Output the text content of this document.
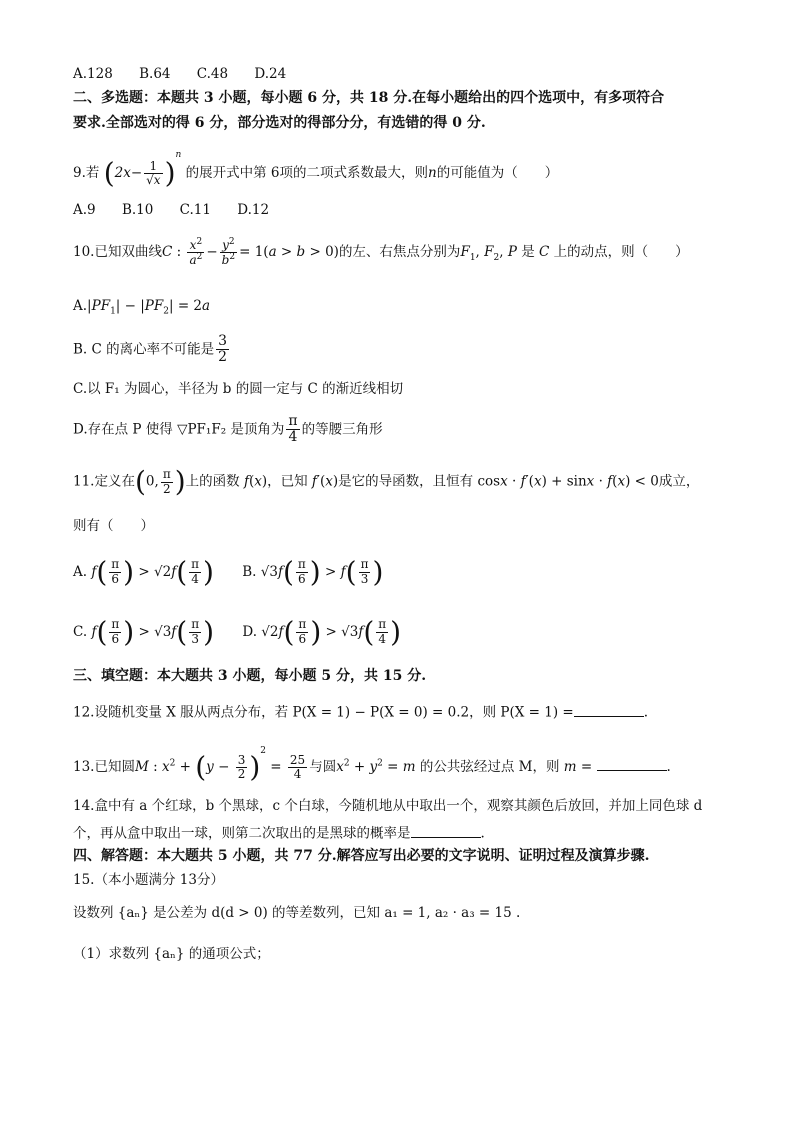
A.128 B.64 C.48 D.24
二、多选题：本题共 3 小题，每小题 6 分，共 18 分.在每小题给出的四个选项中，有多项符合
要求.全部选对的得 6 分，部分选对的得部分分，有选错的得 0 分.
9.若 $(2x- \frac{1}{√x} )^n$ 的展开式中第 6项的二项式系数最大，则n的可能值为（　　）
A.9 B.10 C.11 D.12
10.已知双曲线C : $\frac{x^2}{a^2} - \frac{y^2}{b^2} = 1(a > b > 0)$的左、右焦点分别为$F_1$, $F_2$, P 是 C 上的动点，则（　　）
$A.|PF_1| - |PF_2| = 2a$
B. C 的离心率不可能是 $\frac{3}{2}$
C.以 F₁ 为圆心，半径为 b 的圆一定与 C 的渐近线相切
D.存在点 P 使得 ▽PF₁F₂ 是顶角为 $\frac{\pi}{4}$ 的等腰三角形
11.定义在(0, $\frac{\pi}{2}$ )上的函数 f(x)，已知 f′(x)是它的导函数，且恒有 cosx · f′(x) + sinx · f(x) < 0成立，
则有（　　）
A. $f( \frac{\pi}{6}$ ) > $√2f( \frac{\pi}{4}$ ) B. $√3f( \frac{\pi}{6}$ ) > $f( \frac{\pi}{3}$ )
C. $f( \frac{\pi}{6}$ ) > $√3f( \frac{\pi}{3}$ ) D. $√2f( \frac{\pi}{6}$ ) > $√3f( \frac{\pi}{4}$ )
三、填空题：本大题共 3 小题，每小题 5 分，共 15 分.
12.设随机变量 X 服从两点分布，若 P(X = 1) − P(X = 0) = 0.2，则 P(X = 1) =	.
13.已知圆M : $x^2 + (y - \frac{3}{2} )^2 = \frac{25}{4}$ 与圆$x^2 + y^2 = m$ 的公共弦经过点 M，则 m =	.
14.盒中有 a 个红球，b 个黑球，c 个白球，今随机地从中取出一个，观察其颜色后放回，并加上同色球 d
个，再从盒中取出一球，则第二次取出的是黑球的概率是	.
四、解答题：本大题共 5 小题，共 77 分.解答应写出必要的文字说明、证明过程及演算步骤.
15.（本小题满分 13分）
设数列 {aₙ} 是公差为 d(d > 0) 的等差数列，已知 a₁ = 1, a₂ · a₃ = 15 .
（1）求数列 {aₙ} 的通项公式；
